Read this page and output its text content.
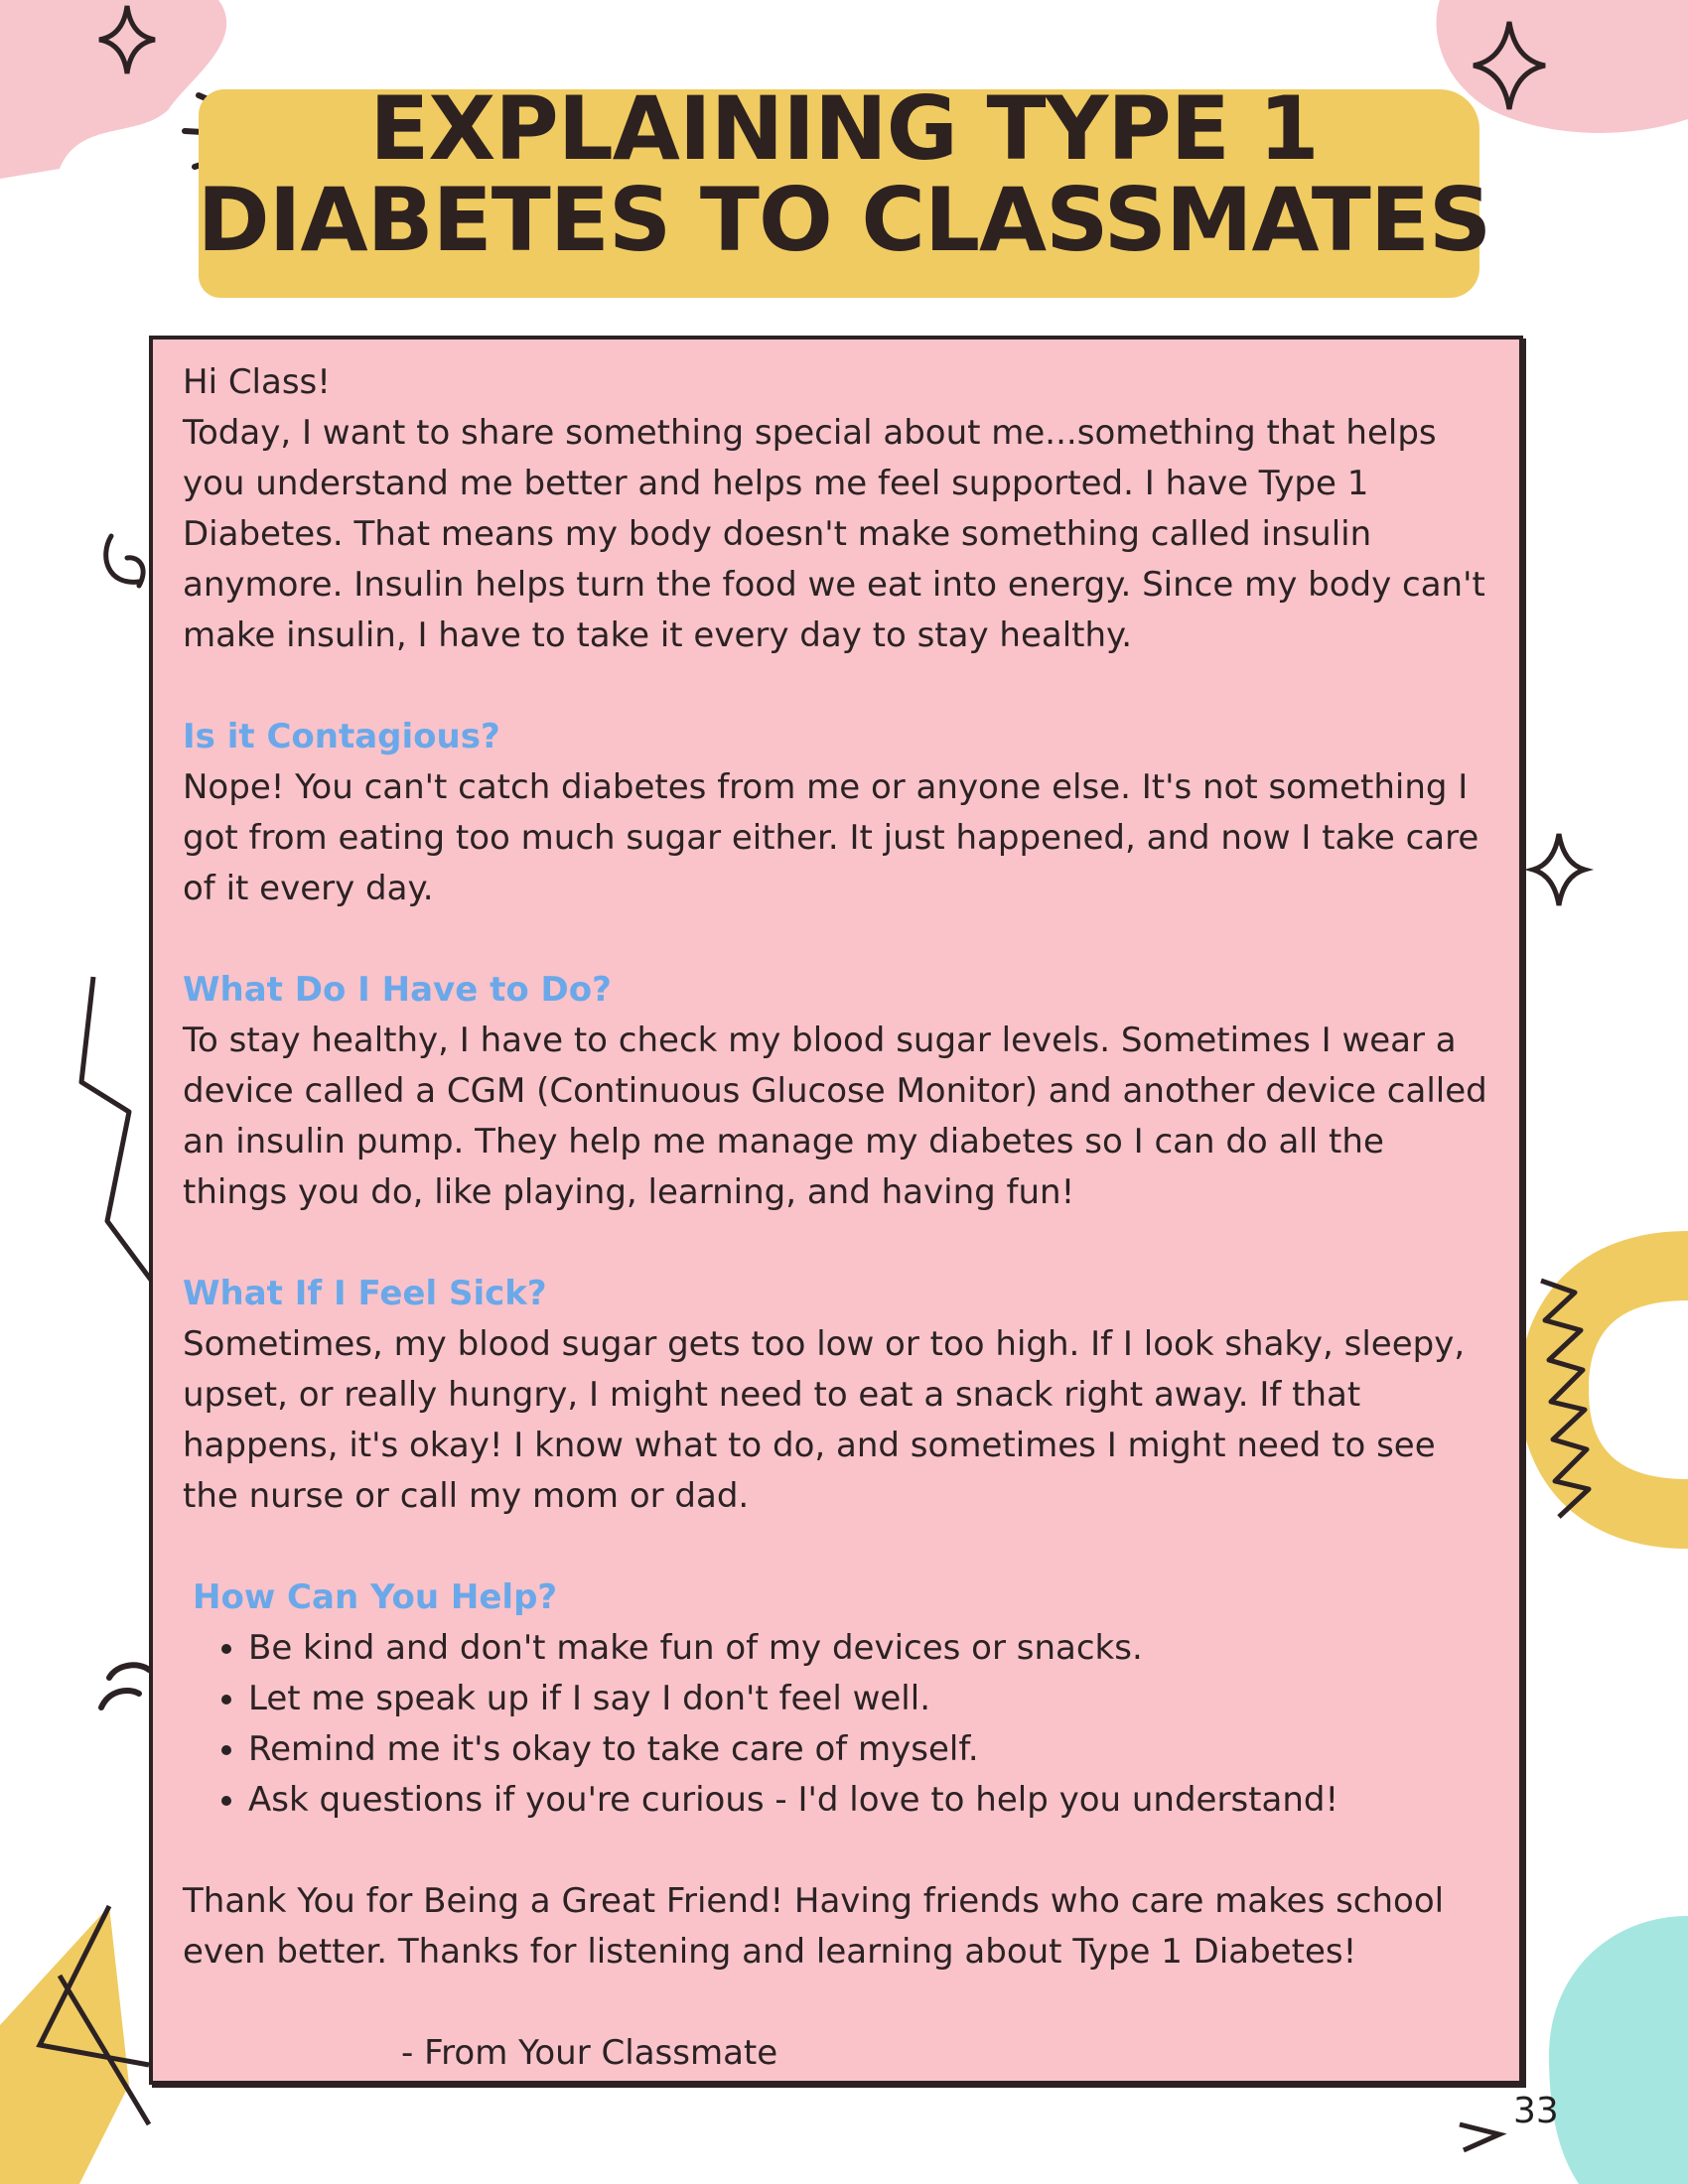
EXPLAINING TYPE 1
DIABETES TO CLASSMATES

Hi Class!

Today, I want to share something special about me...something that helps you understand me better and helps me feel supported. I have Type 1 Diabetes. That means my body doesn't make something called insulin anymore. Insulin helps turn the food we eat into energy. Since my body can't make insulin, I have to take it every day to stay healthy.

Is it Contagious?

Nope! You can't catch diabetes from me or anyone else. It's not something I got from eating too much sugar either. It just happened, and now I take care of it every day.

What Do I Have to Do?

To stay healthy, I have to check my blood sugar levels. Sometimes I wear a device called a CGM (Continuous Glucose Monitor) and another device called an insulin pump. They help me manage my diabetes so I can do all the things you do, like playing, learning, and having fun!

What If I Feel Sick?

Sometimes, my blood sugar gets too low or too high. If I look shaky, sleepy, upset, or really hungry, I might need to eat a snack right away. If that happens, it's okay! I know what to do, and sometimes I might need to see the nurse or call my mom or dad.

How Can You Help?

• Be kind and don't make fun of my devices or snacks.
• Let me speak up if I say I don't feel well.
• Remind me it's okay to take care of myself.
• Ask questions if you're curious - I'd love to help you understand!

Thank You for Being a Great Friend! Having friends who care makes school even better. Thanks for listening and learning about Type 1 Diabetes!

- From Your Classmate

33
